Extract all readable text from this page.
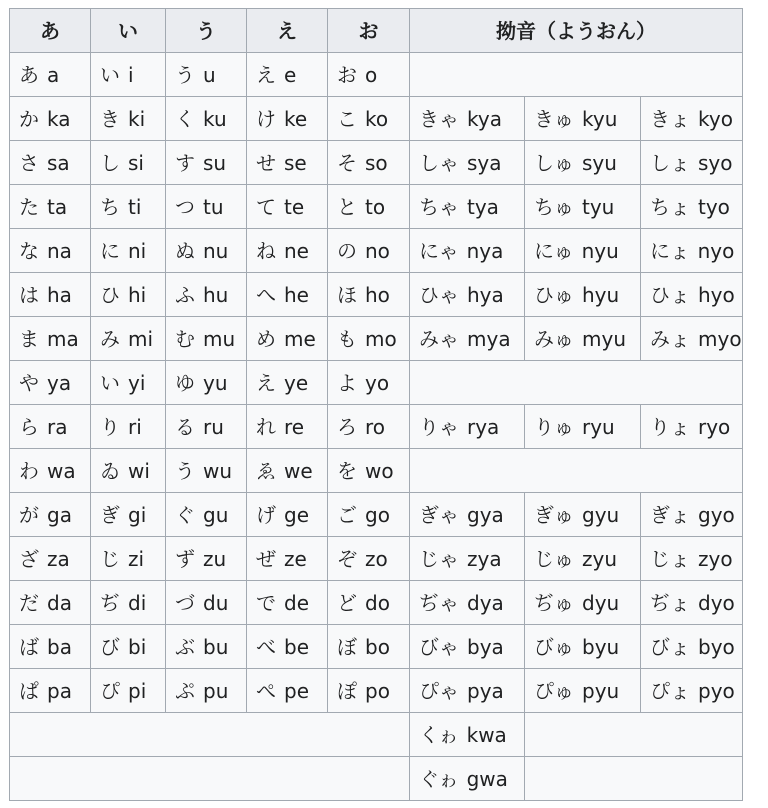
あ	い	う	え	お	拗音（ようおん）		
あ a	い i	う u	え e	お o			
か ka	き ki	く ku	け ke	こ ko	きゃ kya	きゅ kyu	きょ kyo
さ sa	し si	す su	せ se	そ so	しゃ sya	しゅ syu	しょ syo
た ta	ち ti	つ tu	て te	と to	ちゃ tya	ちゅ tyu	ちょ tyo
な na	に ni	ぬ nu	ね ne	の no	にゃ nya	にゅ nyu	にょ nyo
は ha	ひ hi	ふ hu	へ he	ほ ho	ひゃ hya	ひゅ hyu	ひょ hyo
ま ma	み mi	む mu	め me	も mo	みゃ mya	みゅ myu	みょ myo
や ya	い yi	ゆ yu	え ye	よ yo			
ら ra	り ri	る ru	れ re	ろ ro	りゃ rya	りゅ ryu	りょ ryo
わ wa	ゐ wi	う wu	ゑ we	を wo			
が ga	ぎ gi	ぐ gu	げ ge	ご go	ぎゃ gya	ぎゅ gyu	ぎょ gyo
ざ za	じ zi	ず zu	ぜ ze	ぞ zo	じゃ zya	じゅ zyu	じょ zyo
だ da	ぢ di	づ du	で de	ど do	ぢゃ dya	ぢゅ dyu	ぢょ dyo
ば ba	び bi	ぶ bu	べ be	ぼ bo	びゃ bya	びゅ byu	びょ byo
ぱ pa	ぴ pi	ぷ pu	ぺ pe	ぽ po	ぴゃ pya	ぴゅ pyu	ぴょ pyo
					くゎ kwa		
					ぐゎ gwa		
